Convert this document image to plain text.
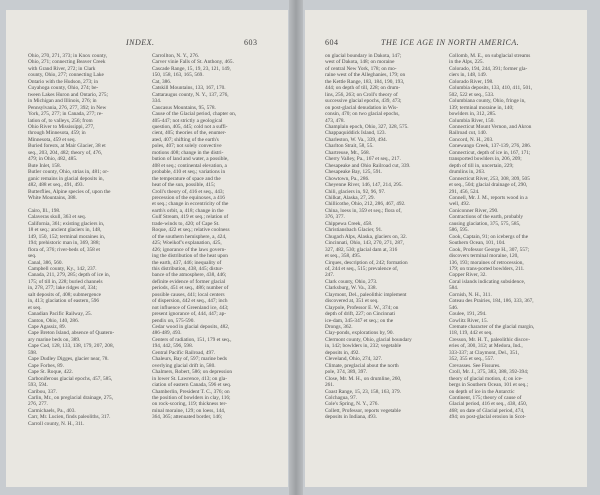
INDEX.	603
Ohio, 270, 271, 373; in Knox county,
Ohio, 271; connecting Beaver Creek
with Grand River, 272; in Clark
county, Ohio, 277; connecting Lake
Ontario with the Hudson, 273; in
Cuyahoga county, Ohio, 274; be-
tween Lakes Huron and Ontario, 275;
in Michigan and Illinois, 276; in
Pennsylvania, 276, 277, 392; in New
York, 275, 277; in Canada, 277; re-
lation of, to valleys, 256; from
Ohio River to Mississippi, 277,
through Minnesota, 459; in
Minnesota, 459 et seq.
Buried forests, at Mair Glacier, 38 et
seq., 203, 204, 482; theory of, 476,
479; in Ohio, 482, 485.
Bute Inlet, 158.
Butler county, Ohio, strias in, 481; or-
ganic remains in glacial deposits in,
482, 488 et seq., 491, 493.
Butterflies, Alpine species of, upon the
White Mountains, 388.

Cairo, Ill., 198.
Calaveras skull, 363 et seq.
California, 361; existing glaciers in,
18 et seq.; ancient glaciers in, 148,
149, 150, 152; terminal moraines in,
194; prehistoric man in, 369, 388;
flora of, 376; river-beds of, 358 et
seq.
Canal, 386, 560.
Campbell county, Ky., 142, 237.
Canada, 211, 279, 285; depth of ice in,
175; of till in, 228; buried channels
in, 278, 277; lake ridges of, 334;
salt deposits of, 408; submergence
in, 413; glaciation of eastern, 596
et seq.
Canadian Pacific Railway, 25.
Canton, Ohio, 140, 286.
Cape Agassiz, 89.
Cape Breton Island, absence of Quatern-
ary marine beds on, 389.
Cape Cod, 128, 133, 138, 179, 207, 208,
598.
Cape Dudley Digges, glacier near, 78.
Cape Forbes, 89.
Cape St. Roque, 422.
Carboniferous glacial epochs, 457, 585,
593, 594.
Caribou, 337.
Carlin, Mr., on preglacial drainage, 275,
276, 277.
Carmichaels, Pa., 403.
Carr, Mr. Lucien, finds paleoliths, 317.
Carroll county, N. H., 311.
Carrollton, N. Y., 276.
Carver vinie Falls of St. Anthony, 465.
Cascade Range, 15, 19, 23, 121, 149,
150, 158, 163, 165, 569.
Cat, 386.
Catskill Mountains, 133, 167, 170.
Cattaraugus county, N. Y., 137, 276,
334.
Caucasus Mountains, 95, 578.
Cause of the Glacial period, chapter on,
405-447; not strictly a geological
question, 405, 445; cold not a suffi-
cient, 405; theories of the, enumer-
ated, 407; shifting of the earth's
poles, 407; not solely convective
motions 408; change in the distri-
bution of land and water, a possible,
408 et seq.; continental elevation, a
probable, 410 et seq.; variations in
the temperature of space and the
heat of the sun, possible, 415;
Croll's theory of, 416 et seq., 443;
precession of the equinoxes, a 416
et seq.; change in eccentricity of the
earth's orbit, a, 418; change in the
Gulf Stream, 419 et seq.; relation of
trade-winds to, 420; of Cape St.
Roque, 422 et seq.; relative coolness
of the southern hemisphere, a, 424,
425; Woeikof's explanation, 425,
426; ignorance of the laws govern-
ing the distribution of the heat upon
the earth, 437, 446; inequality of
this distribution, 438, 445; distur-
bance of the atmosphere, 438, 446;
definite evidence of former glacial
periods, 451 et seq., 486; number of
possible causes, 441; local centers
of dispersion, 442 et seq., 447; inch
not influence of Greenland ice, 443;
present ignorance of, 444, 447; ap-
pendix on, 575-590.
Cedar wood in glacial deposits, 482,
486-489, 493.
Centers of radiation, 151, 179 et seq.,
194, 442, 596, 598.
Central Pacific Railroad, 497.
Chaleurs, Bay of, 597; marine beds
overlying glacial drift in, 580.
Chalmers, Robert, 586; on depression
in lower St. Lawrence, 413; on gla-
ciation of eastern Canada, 596 et seq.
Chamberlin, President T. C., 376; on
the position of bowlders in clay, 116;
on rock-scoring, 119; thickness ter-
minal moraine, 129; on loess, 144,
364, 365; attenuated border, 146;
604	THE ICE AGE IN NORTH AMERICA.
on glacial boundary in Dakota, 147;
west of Dakota, 148; on moraine
of central New York, 178; on mo-
raine west of the Alleghanies, 179; on
the Kettle Range, 183, 184, 190, 193,
444; on depth of till, 228; on drum-
lins, 256, 263; on Croll's theory of
successive glacial epochs, 439, 473;
on post-glacial denudation in Wis-
consin, 470; on two glacial epochs,
473, 478.
Champlain epoch, Ohio, 327, 328, 575.
Chappaquiddick Island, 123.
Charleston, W. Va., 339, 494.
Charlton Strait, 58, 55.
Chartreuse, Mt., 568.
Cherry Valley, Pa., 167 et seq., 217.
Chesapeake and Ohio Railroad cut, 339.
Chesapeake Bay, 125, 591.
Chowtown, Pa., 286.
Cheyenne River, 146, 147, 214, 295.
Chili, glaciers in, 92, 96, 97.
Chilkat, Alaska, 27, 29.
Chillicothe, Ohio, 212, 286, 467, 492.
China, loess in, 359 et seq.; flora of,
376, 377.
Chippewa Creek, 458.
Christiansbach Glacier, 91.
Chugach Alps, Alaska, glaciers on, 32.
Cincinnati, Ohio, 143, 270, 271, 287,
327, 482, 530; glacial dam at, 316
et seq., 358, 495.
Cirques, description of, 242; formation
of, 244 et seq., 515; prevalence of,
247.
Clark county, Ohio, 273.
Clarksburg, W. Va., 338.
Claymont, Del., paleolithic implement
discovered at, 351 et seq.
Claypole, Professor E. W., 374; on
depth of drift, 227; on Cincinnati
ice-dam, 345-347 et seq.; on the
Drongs, 362.
Clay-ponds, explorations by, 90.
Clermont county, Ohio, glacial boundary
in, 142; bowlders in, 232; vegetable
deposits in, 492.
Cleveland, Ohio, 274, 327.
Climate, preglacial about the north
pole, 374, 389, 397.
Close, Mr. M. H., on drumline, 260,
261.
Coast Range, 15, 23, 158, 163, 379.
Colchagua, 97.
Cole's Spring, N. Y., 276.
Collett, Professor, reports vegetable
deposits in Indiana, 493.
Collomb, M. E., on subglacial streams
in the Alps, 225.
Colorado, 194, 244, 391; former gla-
ciers in, 148, 149.
Colorado River, 198.
Columbia deposits, 133, 410, 411, 501,
502, 522 et seq., 533.
Columbiana county, Ohio, fringe in,
139; terminal moraine in, 140;
bowlders in, 312, 285.
Columbia River, 150.
Connecticut Mount Vernon, and Akron
Railroad cut, 140.
Concord, N. H., 203.
Conewango Creek, 137-139, 276, 286.
Connecticut, depth of ice in, 167, 171;
transported bowlders in, 206, 209;
depth of till in, uncertain, 229;
drumlins in, 263.
Connecticut River, 253, 308, 309, 505
et seq., 504; glacial drainage of, 290,
291, 456, 524.
Connell, Mr. J. M., reports wood in a
well, 492.
Coniconner River, 290.
Contractions of the earth, probably
causing glaciation, 375, 575, 585,
586, 595.
Cook, Captain, 91; on icebergs of the
Southern Ocean, 101, 104.
Cook, Professor George H., 307, 557;
discovers terminal moraine, 120,
136, 193; moraines of retrocession,
179; on trans-ported bowlders, 211.
Copper River, 32.
Coral islands indicating subsidence,
584.
Cornish, N. H., 311.
Coteau des Prairies, 184, 186, 333, 367,
546.
Coulee, 191, 294.
Cowlitz River, 15.
Cremate character of the glacial margin,
118, 119, 442 et seq.
Cresson, Mr. H. T., paleolithic discov-
eries of, 300, 312; at Medora, Ind.,
333-337; at Claymont, Del., 351,
352, 355 et seq., 557.
Crevasses. See Fissures.
Croll, Mr. J., 375, 383, 388, 392-394;
theory of glacial motion, 4; on ice-
bergs in Southern Ocean, 101 et seq.;
on depth of ice in the Antarctic
Continent, 175; theory of cause of
Glacial period, 416 et seq., 438, 450,
468; on date of Glacial period, 474,
494; on post-glacial erosion in Scot-
